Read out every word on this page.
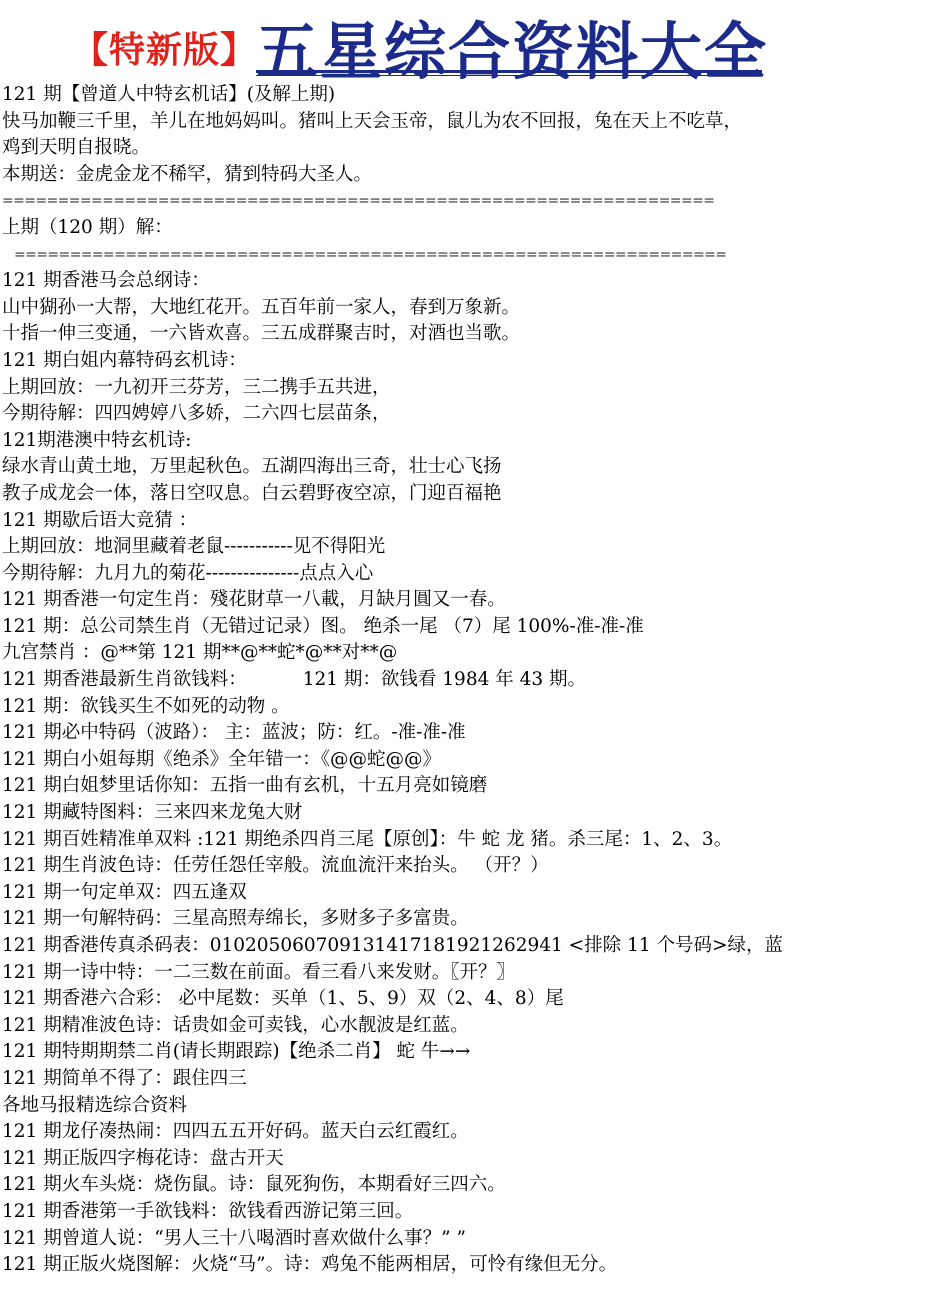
【特新版】
五星综合资料大全
121 期【曾道人中特玄机话】(及解上期)
快马加鞭三千里，羊儿在地妈妈叫。猪叫上天会玉帝，鼠儿为农不回报，兔在天上不吃草，
鸡到天明自报晓。
本期送：金虎金龙不稀罕，猜到特码大圣人。
================================================================
上期（120 期）解：
================================================================
121 期香港马会总纲诗：
山中猢孙一大帮，大地红花开。五百年前一家人，春到万象新。
十指一伸三变通，一六皆欢喜。三五成群聚吉时，对酒也当歌。
121 期白姐内幕特码玄机诗：
上期回放：一九初开三芬芳，三二携手五共进，
今期待解：四四娉婷八多娇，二六四七层苗条，
121期港澳中特玄机诗:
绿水青山黄土地，万里起秋色。五湖四海出三奇，壮士心飞扬
教子成龙会一体，落日空叹息。白云碧野夜空凉，门迎百福艳
121 期歇后语大竞猜 ：
上期回放：地洞里藏着老鼠-----------见不得阳光
今期待解：九月九的菊花---------------点点入心
121 期香港一句定生肖：殘花財草一八載，月缺月圓又一春。
121 期：总公司禁生肖（无错过记录）图。 绝杀一尾 （7）尾 100%-准-准-准
九宫禁肖 ：@**第 121 期**@**蛇*@**对**@
121 期香港最新生肖欲钱料：	121 期：欲钱看 1984 年 43 期。
121 期：欲钱买生不如死的动物 。
121 期必中特码（波路）： 主：蓝波；防：红。-准-准-准
121 期白小姐每期《绝杀》全年错一：《@@蛇@@》
121 期白姐梦里话你知：五指一曲有玄机，十五月亮如镜磨
121 期藏特图料：三来四来龙兔大财
121 期百姓精准单双料 :121 期绝杀四肖三尾【原创】：牛 蛇 龙 猪。杀三尾：1、2、3。
121 期生肖波色诗：任劳任怨任宰般。流血流汗来抬头。 （开？）
121 期一句定单双：四五逢双
121 期一句解特码：三星高照寿绵长，多财多子多富贵。
121 期香港传真杀码表：010205060709131417181921262941 <排除 11 个号码>绿，蓝
121 期一诗中特：一二三数在前面。看三看八来发财。〖开？〗
121 期香港六合彩： 必中尾数：买单（1、5、9）双（2、4、8）尾
121 期精准波色诗：话贵如金可卖钱，心水靓波是红蓝。
121 期特期期禁二肖(请长期跟踪)【绝杀二肖】 蛇 牛→→
121 期简单不得了：跟住四三
各地马报精选综合资料
121 期龙仔凑热闹：四四五五开好码。蓝天白云红霞红。
121 期正版四字梅花诗：盘古开天
121 期火车头烧：烧伤鼠。诗：鼠死狗伤，本期看好三四六。
121 期香港第一手欲钱料：欲钱看西游记第三回。
121 期曾道人说：“男人三十八喝酒时喜欢做什么事？” ”
121 期正版火烧图解：火烧“马”。诗：鸡兔不能两相居，可怜有缘但无分。
